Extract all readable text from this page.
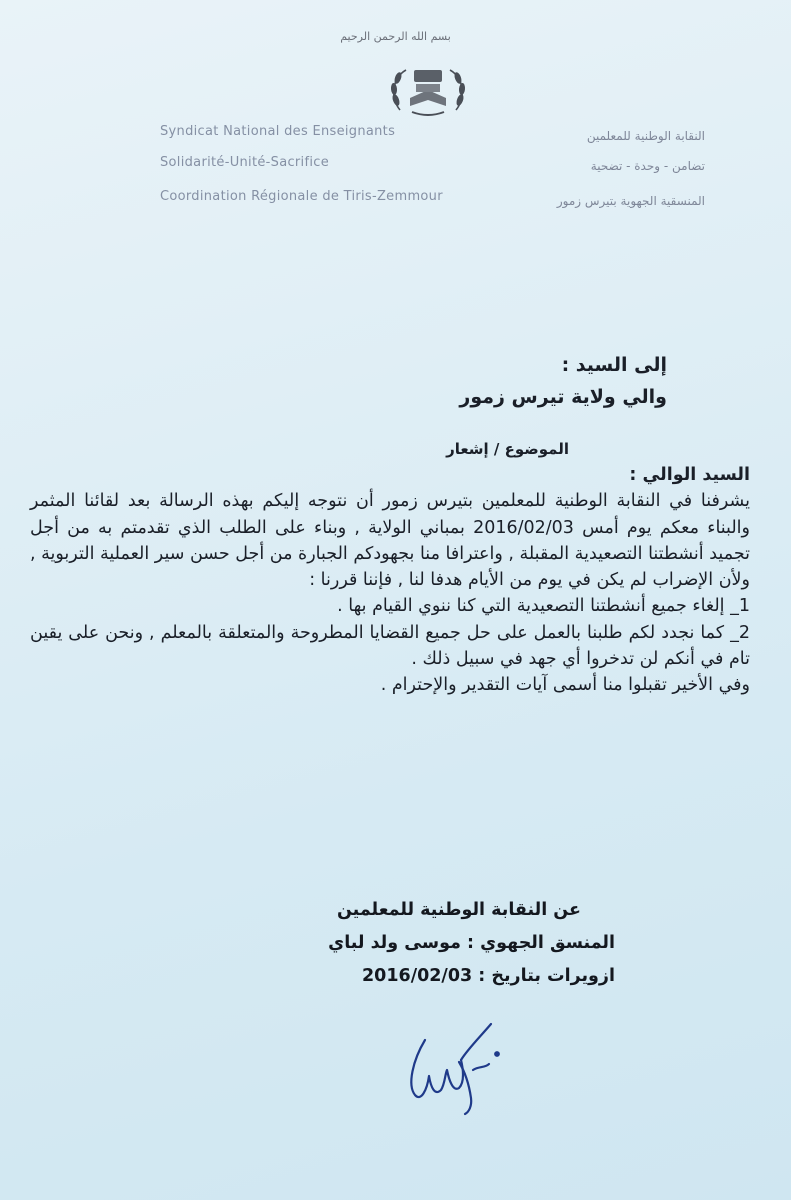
بسم الله الرحمن الرحيم
Syndicat National des Enseignants
Solidarité-Unité-Sacrifice
Coordination Régionale de Tiris-Zemmour
النقابة الوطنية للمعلمين
تضامن - وحدة - تضحية
المنسقية الجهوية بتيرس زمور
إلى السيد :
والي ولاية تيرس زمور
الموضوع / إشعار

السيد الوالي :

يشرفنا في النقابة الوطنية للمعلمين بتيرس زمور أن نتوجه إليكم بهذه الرسالة بعد لقائنا المثمر والبناء معكم يوم أمس 2016/02/03 بمباني الولاية , وبناء على الطلب الذي تقدمتم به من أجل تجميد أنشطتنا التصعيدية المقبلة , واعترافا منا بجهودكم الجبارة من أجل حسن سير العملية التربوية , ولأن الإضراب لم يكن في يوم من الأيام هدفا لنا , فإننا قررنا :

1_ إلغاء جميع أنشطتنا التصعيدية التي كنا ننوي القيام بها .

2_ كما نجدد لكم طلبنا بالعمل على حل جميع القضايا المطروحة والمتعلقة بالمعلم , ونحن على يقين تام في أنكم لن تدخروا أي جهد في سبيل ذلك .

وفي الأخير تقبلوا منا أسمى آيات التقدير والإحترام .

عن النقابة الوطنية للمعلمين
المنسق الجهوي : موسى ولد لباي
ازويرات بتاريخ : 2016/02/03
